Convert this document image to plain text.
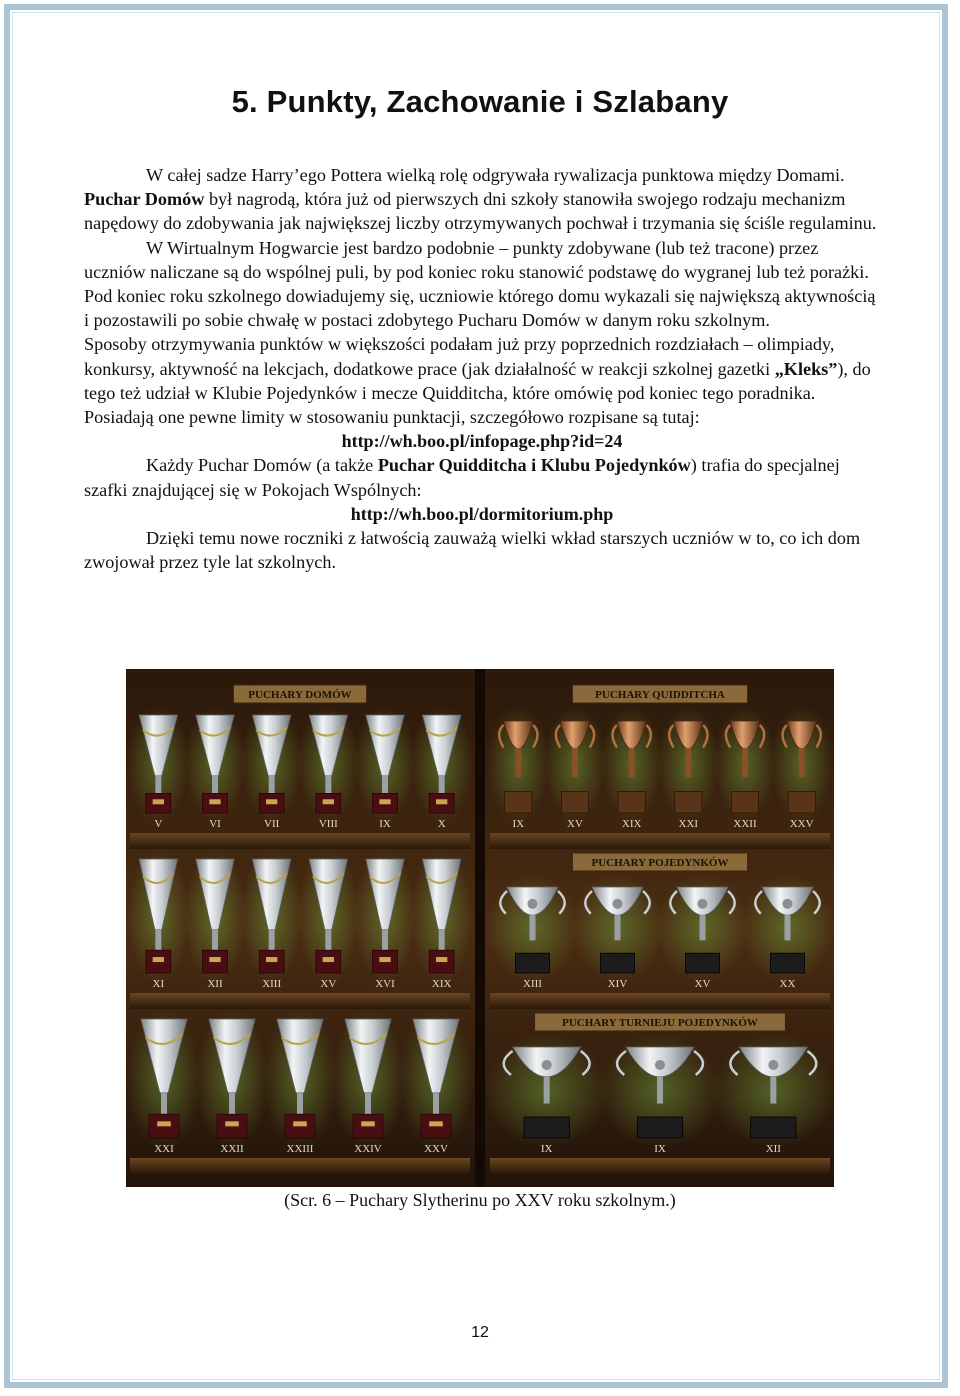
5. Punkty, Zachowanie i Szlabany

W całej sadze Harry’ego Pottera wielką rolę odgrywała rywalizacja punktowa między Domami. Puchar Domów był nagrodą, która już od pierwszych dni szkoły stanowiła swojego rodzaju mechanizm napędowy do zdobywania jak największej liczby otrzymywanych pochwał i trzymania się ściśle regulaminu.

W Wirtualnym Hogwarcie jest bardzo podobnie – punkty zdobywane (lub też tracone) przez uczniów naliczane są do wspólnej puli, by pod koniec roku stanowić podstawę do wygranej lub też porażki. Pod koniec roku szkolnego dowiadujemy się, uczniowie którego domu wykazali się największą aktywnością i pozostawili po sobie chwałę w postaci zdobytego Pucharu Domów w danym roku szkolnym.

Sposoby otrzymywania punktów w większości podałam już przy poprzednich rozdziałach – olimpiady, konkursy, aktywność na lekcjach, dodatkowe prace (jak działalność w reakcji szkolnej gazetki „Kleks”), do tego też udział w Klubie Pojedynków i mecze Quidditcha, które omówię pod koniec tego poradnika. Posiadają one pewne limity w stosowaniu punktacji, szczegółowo rozpisane są tutaj:

http://wh.boo.pl/infopage.php?id=24

Każdy Puchar Domów (a także Puchar Quidditcha i Klubu Pojedynków) trafia do specjalnej szafki znajdującej się w Pokojach Wspólnych:

http://wh.boo.pl/dormitorium.php

Dzięki temu nowe roczniki z łatwością zauważą wielki wkład starszych uczniów w to, co ich dom zwojował przez tyle lat szkolnych.

PUCHARY DOMÓW
V	VI	VII	VIII	IX	X
XI	XII	XIII	XV	XVI	XIX
XXI	XXII	XXIII	XXIV	XXV
PUCHARY QUIDDITCHA
IX	XV	XIX	XXI	XXII	XXV
PUCHARY POJEDYNKÓW
XIII	XIV	XV	XX
PUCHARY TURNIEJU POJEDYNKÓW
IX	IX	XII
(Scr. 6 – Puchary Slytherinu po XXV roku szkolnym.)
12
